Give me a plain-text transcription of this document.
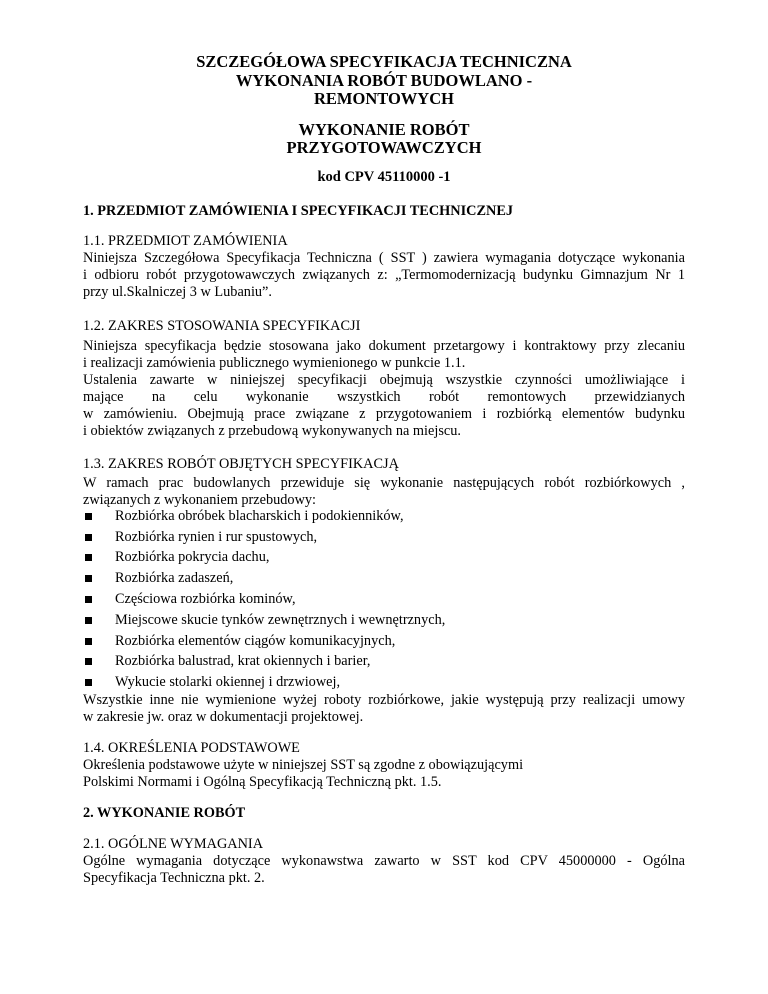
SZCZEGÓŁOWA SPECYFIKACJA TECHNICZNA
WYKONANIA ROBÓT BUDOWLANO -
REMONTOWYCH
WYKONANIE ROBÓT
PRZYGOTOWAWCZYCH
kod CPV 45110000 -1
1. PRZEDMIOT ZAMÓWIENIA I SPECYFIKACJI TECHNICZNEJ
1.1. PRZEDMIOT ZAMÓWIENIA
Niniejsza Szczegółowa Specyfikacja Techniczna ( SST ) zawiera wymagania dotyczące wykonania
i odbioru robót przygotowawczych związanych z: „Termomodernizacją budynku Gimnazjum Nr 1
przy ul.Skalniczej 3 w Lubaniu”.
1.2. ZAKRES STOSOWANIA SPECYFIKACJI
Niniejsza specyfikacja będzie stosowana jako dokument przetargowy i kontraktowy przy zlecaniu
i realizacji zamówienia publicznego wymienionego w punkcie 1.1.
Ustalenia zawarte w niniejszej specyfikacji obejmują wszystkie czynności umożliwiające i
mające na celu wykonanie wszystkich robót remontowych przewidzianych
w zamówieniu. Obejmują prace związane z przygotowaniem i rozbiórką elementów budynku
i obiektów związanych z przebudową wykonywanych na miejscu.
1.3. ZAKRES ROBÓT OBJĘTYCH SPECYFIKACJĄ
W ramach prac budowlanych przewiduje się wykonanie następujących robót rozbiórkowych ,
związanych z wykonaniem przebudowy:
Rozbiórka obróbek blacharskich i podokienników,
Rozbiórka rynien i rur spustowych,
Rozbiórka pokrycia dachu,
Rozbiórka zadaszeń,
Częściowa rozbiórka kominów,
Miejscowe skucie tynków zewnętrznych i wewnętrznych,
Rozbiórka elementów ciągów komunikacyjnych,
Rozbiórka balustrad, krat okiennych i barier,
Wykucie stolarki okiennej i drzwiowej,
Wszystkie inne nie wymienione wyżej roboty rozbiórkowe, jakie występują przy realizacji umowy
w zakresie jw. oraz w dokumentacji projektowej.
1.4. OKREŚLENIA PODSTAWOWE
Określenia podstawowe użyte w niniejszej SST są zgodne z obowiązującymi
Polskimi Normami i Ogólną Specyfikacją Techniczną pkt. 1.5.
2. WYKONANIE ROBÓT
2.1. OGÓLNE WYMAGANIA
Ogólne wymagania dotyczące wykonawstwa zawarto w SST kod CPV 45000000 - Ogólna
Specyfikacja Techniczna pkt. 2.
